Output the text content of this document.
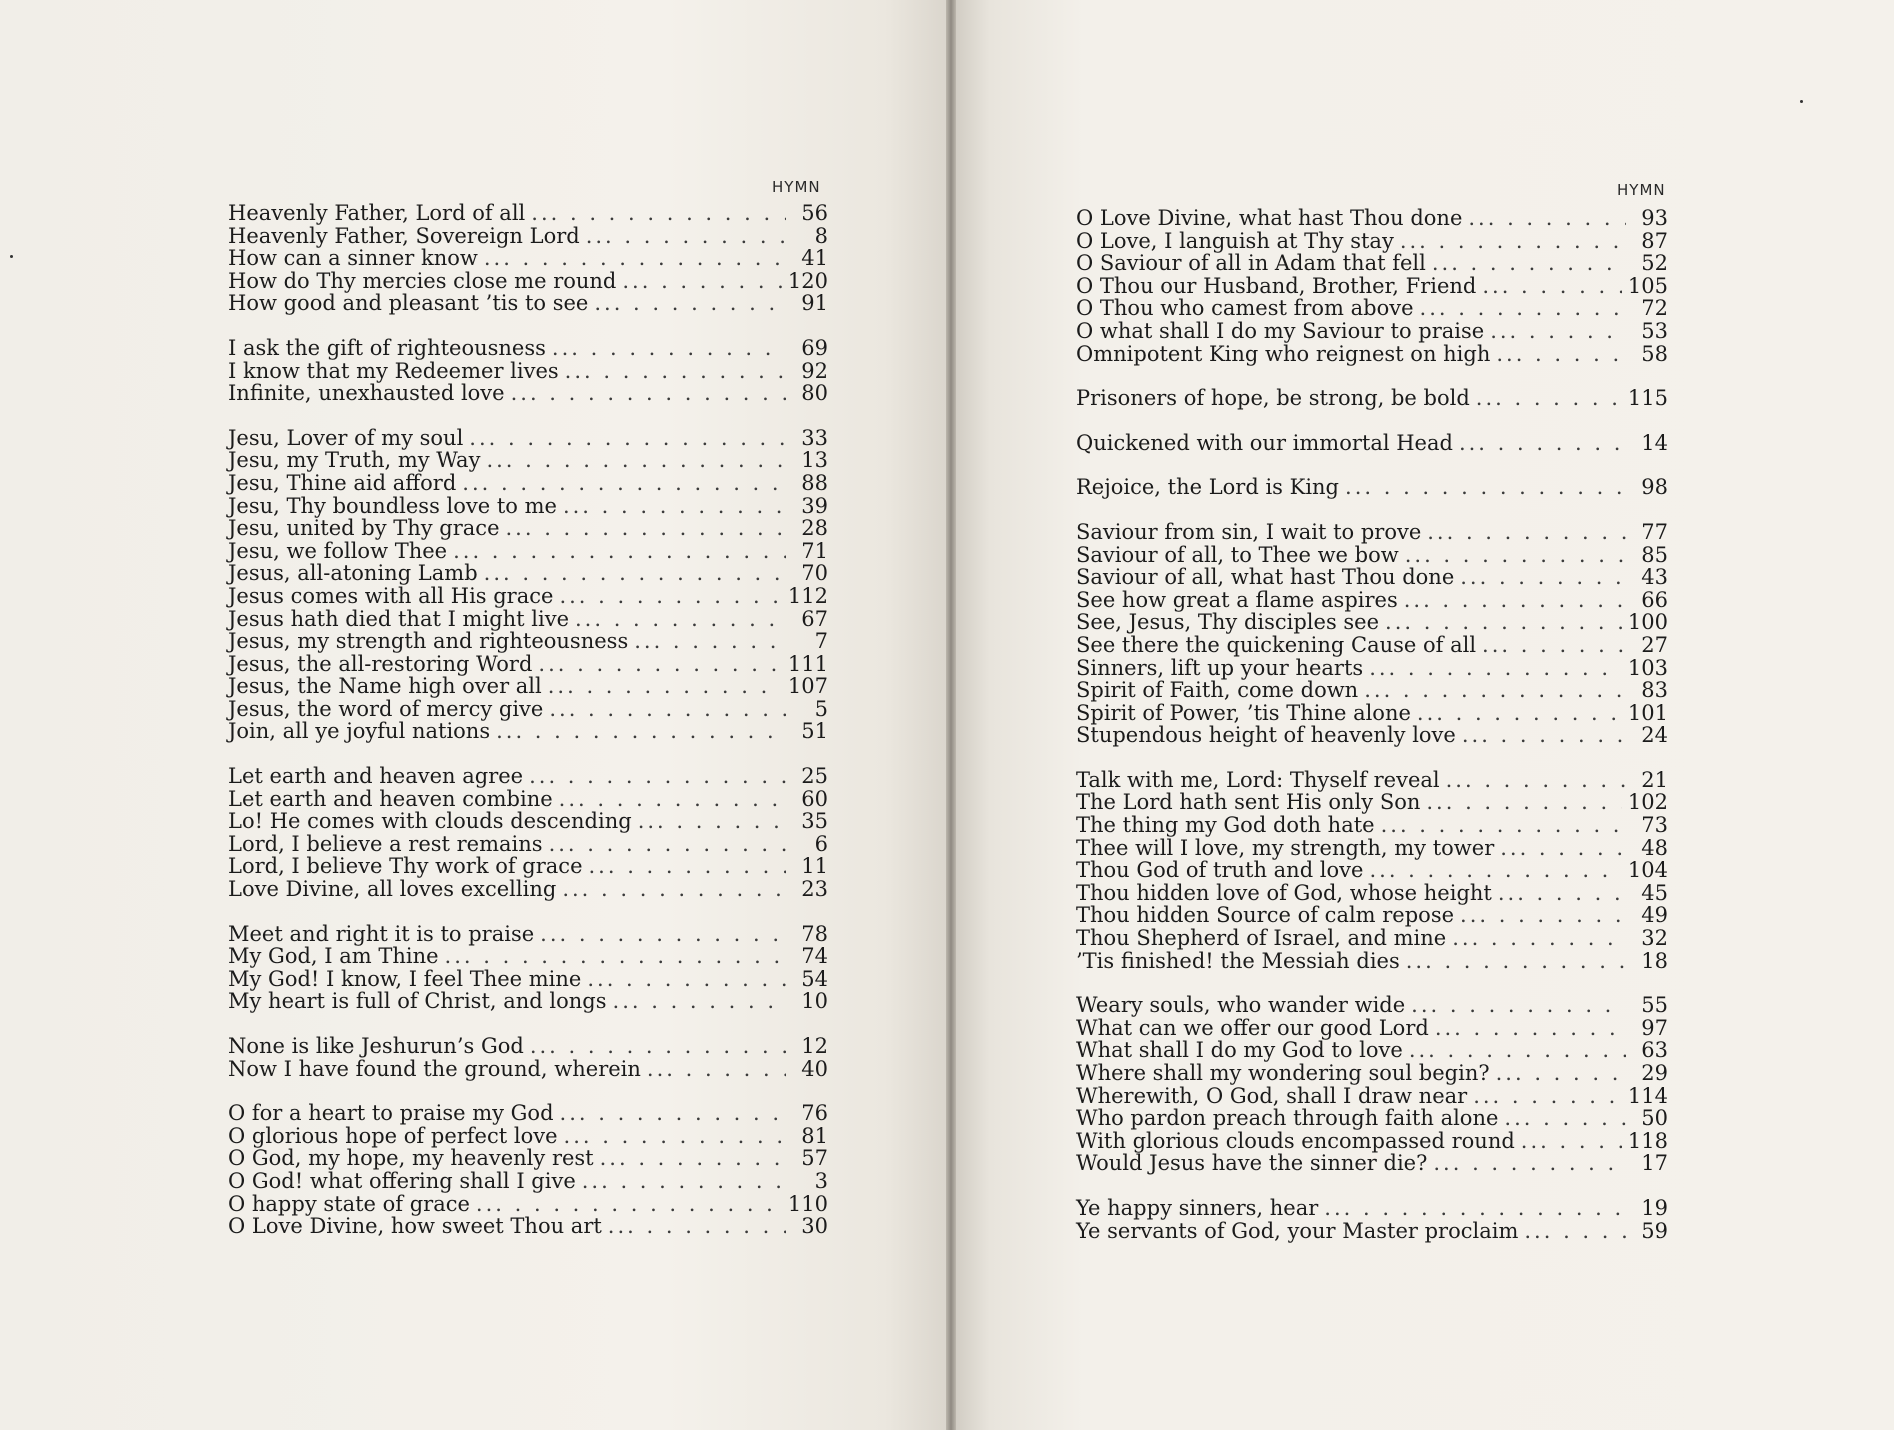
HYMN
Heavenly Father, Lord of all ... .	56
Heavenly Father, Sovereign Lord ... .	8
How can a sinner know ... .	41
How do Thy mercies close me round ... .	120
How good and pleasant ’tis to see ... .	91
I ask the gift of righteousness ... .	69
I know that my Redeemer lives ... .	92
Infinite, unexhausted love ... .	80
Jesu, Lover of my soul ... .	33
Jesu, my Truth, my Way ... .	13
Jesu, Thine aid afford ... .	88
Jesu, Thy boundless love to me ... .	39
Jesu, united by Thy grace ... .	28
Jesu, we follow Thee ... .	71
Jesus, all-atoning Lamb ... .	70
Jesus comes with all His grace ... .	112
Jesus hath died that I might live ... .	67
Jesus, my strength and righteousness ... .	7
Jesus, the all-restoring Word ... .	111
Jesus, the Name high over all ... .	107
Jesus, the word of mercy give ... .	5
Join, all ye joyful nations ... .	51
Let earth and heaven agree ... .	25
Let earth and heaven combine ... .	60
Lo! He comes with clouds descending ... .	35
Lord, I believe a rest remains ... .	6
Lord, I believe Thy work of grace ... .	11
Love Divine, all loves excelling ... .	23
Meet and right it is to praise ... .	78
My God, I am Thine ... .	74
My God! I know, I feel Thee mine ... .	54
My heart is full of Christ, and longs ... .	10
None is like Jeshurun’s God ... .	12
Now I have found the ground, wherein ... .	40
O for a heart to praise my God ... .	76
O glorious hope of perfect love ... .	81
O God, my hope, my heavenly rest ... .	57
O God! what offering shall I give ... .	3
O happy state of grace ... .	110
O Love Divine, how sweet Thou art ... .	30
HYMN
O Love Divine, what hast Thou done ... .	93
O Love, I languish at Thy stay ... .	87
O Saviour of all in Adam that fell ... .	52
O Thou our Husband, Brother, Friend ... .	105
O Thou who camest from above ... .	72
O what shall I do my Saviour to praise ... .	53
Omnipotent King who reignest on high ... .	58
Prisoners of hope, be strong, be bold ... .	115
Quickened with our immortal Head ... .	14
Rejoice, the Lord is King ... .	98
Saviour from sin, I wait to prove ... .	77
Saviour of all, to Thee we bow ... .	85
Saviour of all, what hast Thou done ... .	43
See how great a flame aspires ... .	66
See, Jesus, Thy disciples see ... .	100
See there the quickening Cause of all ... .	27
Sinners, lift up your hearts ... .	103
Spirit of Faith, come down ... .	83
Spirit of Power, ’tis Thine alone ... .	101
Stupendous height of heavenly love ... .	24
Talk with me, Lord: Thyself reveal ... .	21
The Lord hath sent His only Son ... .	102
The thing my God doth hate ... .	73
Thee will I love, my strength, my tower ... .	48
Thou God of truth and love ... .	104
Thou hidden love of God, whose height ... .	45
Thou hidden Source of calm repose ... .	49
Thou Shepherd of Israel, and mine ... .	32
’Tis finished! the Messiah dies ... .	18
Weary souls, who wander wide ... .	55
What can we offer our good Lord ... .	97
What shall I do my God to love ... .	63
Where shall my wondering soul begin? ... .	29
Wherewith, O God, shall I draw near ... .	114
Who pardon preach through faith alone ... .	50
With glorious clouds encompassed round ... .	118
Would Jesus have the sinner die? ... .	17
Ye happy sinners, hear ... .	19
Ye servants of God, your Master proclaim ... .	59
